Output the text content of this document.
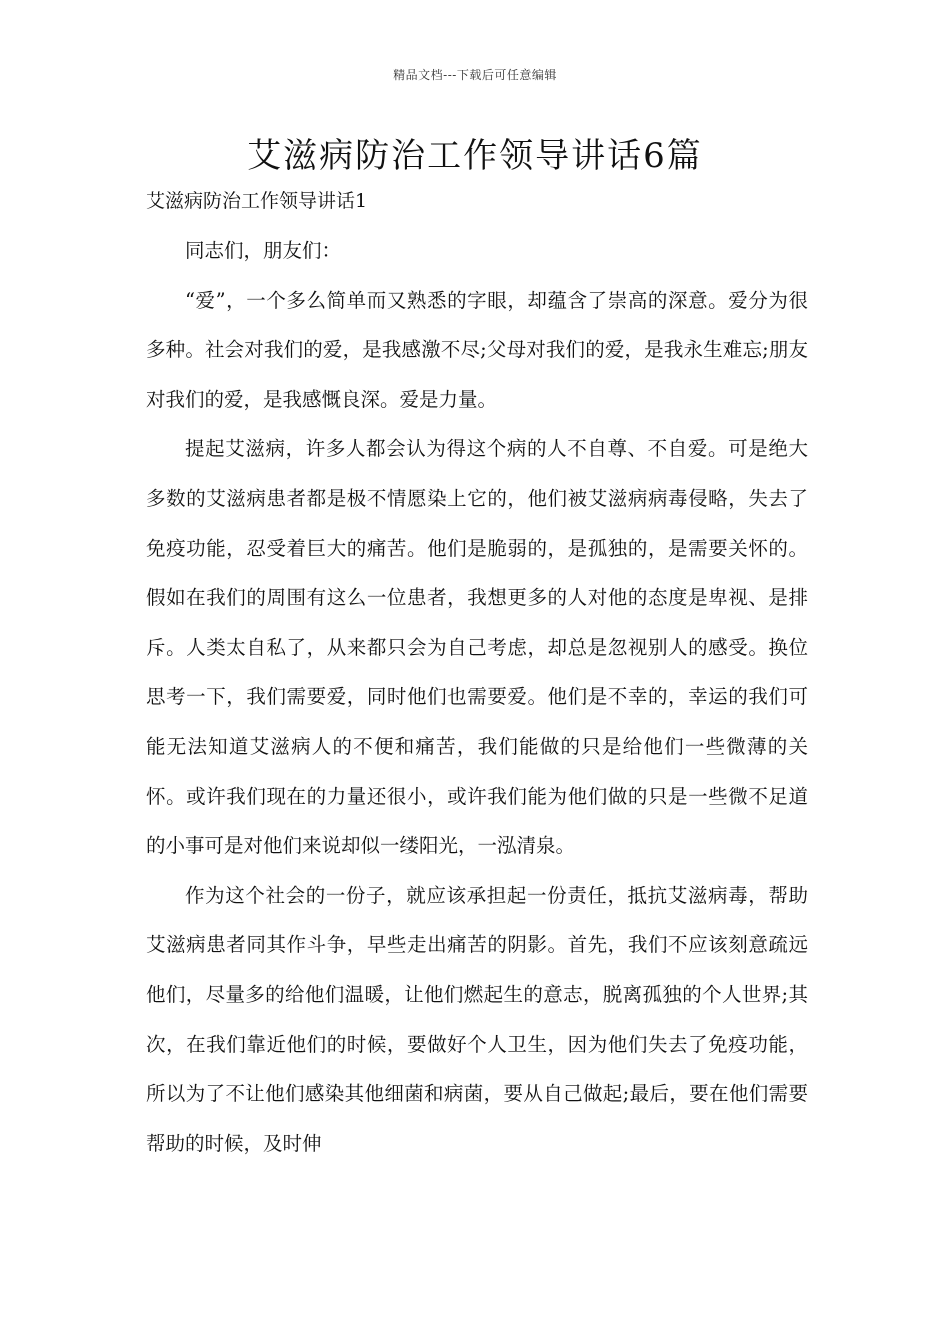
精品文档---下载后可任意编辑
艾滋病防治工作领导讲话6篇
艾滋病防治工作领导讲话1

同志们，朋友们：

“爱”，一个多么简单而又熟悉的字眼，却蕴含了崇高的深意。爱分为很多种。社会对我们的爱，是我感激不尽;父母对我们的爱，是我永生难忘;朋友对我们的爱，是我感慨良深。爱是力量。

提起艾滋病，许多人都会认为得这个病的人不自尊、不自爱。可是绝大多数的艾滋病患者都是极不情愿染上它的，他们被艾滋病病毒侵略，失去了免疫功能，忍受着巨大的痛苦。他们是脆弱的，是孤独的，是需要关怀的。假如在我们的周围有这么一位患者，我想更多的人对他的态度是卑视、是排斥。人类太自私了，从来都只会为自己考虑，却总是忽视别人的感受。换位思考一下，我们需要爱，同时他们也需要爱。他们是不幸的，幸运的我们可能无法知道艾滋病人的不便和痛苦，我们能做的只是给他们一些微薄的关怀。或许我们现在的力量还很小，或许我们能为他们做的只是一些微不足道的小事可是对他们来说却似一缕阳光，一泓清泉。

作为这个社会的一份子，就应该承担起一份责任，抵抗艾滋病毒，帮助艾滋病患者同其作斗争，早些走出痛苦的阴影。首先，我们不应该刻意疏远他们，尽量多的给他们温暖，让他们燃起生的意志，脱离孤独的个人世界;其次，在我们靠近他们的时候，要做好个人卫生，因为他们失去了免疫功能，所以为了不让他们感染其他细菌和病菌，要从自己做起;最后，要在他们需要帮助的时候，及时伸
